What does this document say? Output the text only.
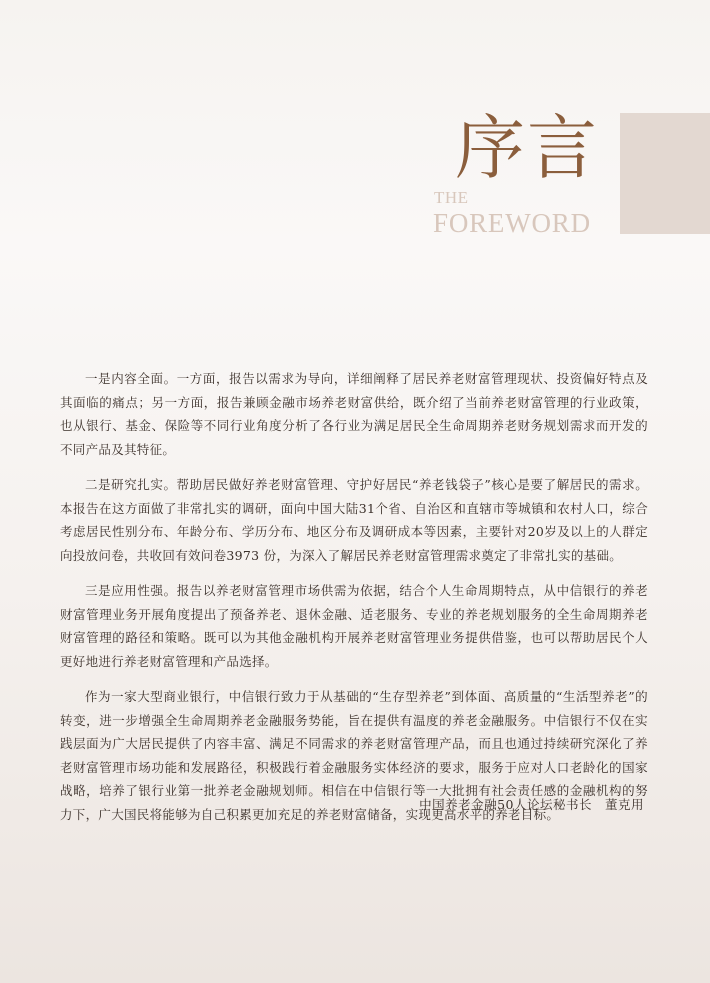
序言
THE
FOREWORD

一是内容全面。一方面，报告以需求为导向，详细阐释了居民养老财富管理现状、投资偏好特点及其面临的痛点；另一方面，报告兼顾金融市场养老财富供给，既介绍了当前养老财富管理的行业政策，也从银行、基金、保险等不同行业角度分析了各行业为满足居民全生命周期养老财务规划需求而开发的不同产品及其特征。

二是研究扎实。帮助居民做好养老财富管理、守护好居民“养老钱袋子”核心是要了解居民的需求。本报告在这方面做了非常扎实的调研，面向中国大陆31个省、自治区和直辖市等城镇和农村人口，综合考虑居民性别分布、年龄分布、学历分布、地区分布及调研成本等因素，主要针对20岁及以上的人群定向投放问卷，共收回有效问卷3973 份，为深入了解居民养老财富管理需求奠定了非常扎实的基础。

三是应用性强。报告以养老财富管理市场供需为依据，结合个人生命周期特点，从中信银行的养老财富管理业务开展角度提出了预备养老、退休金融、适老服务、专业的养老规划服务的全生命周期养老财富管理的路径和策略。既可以为其他金融机构开展养老财富管理业务提供借鉴，也可以帮助居民个人更好地进行养老财富管理和产品选择。

作为一家大型商业银行，中信银行致力于从基础的“生存型养老”到体面、高质量的“生活型养老”的转变，进一步增强全生命周期养老金融服务势能，旨在提供有温度的养老金融服务。中信银行不仅在实践层面为广大居民提供了内容丰富、满足不同需求的养老财富管理产品，而且也通过持续研究深化了养老财富管理市场功能和发展路径，积极践行着金融服务实体经济的要求，服务于应对人口老龄化的国家战略，培养了银行业第一批养老金融规划师。相信在中信银行等一大批拥有社会责任感的金融机构的努力下，广大国民将能够为自己积累更加充足的养老财富储备，实现更高水平的养老目标。

中国养老金融50人论坛秘书长　董克用
